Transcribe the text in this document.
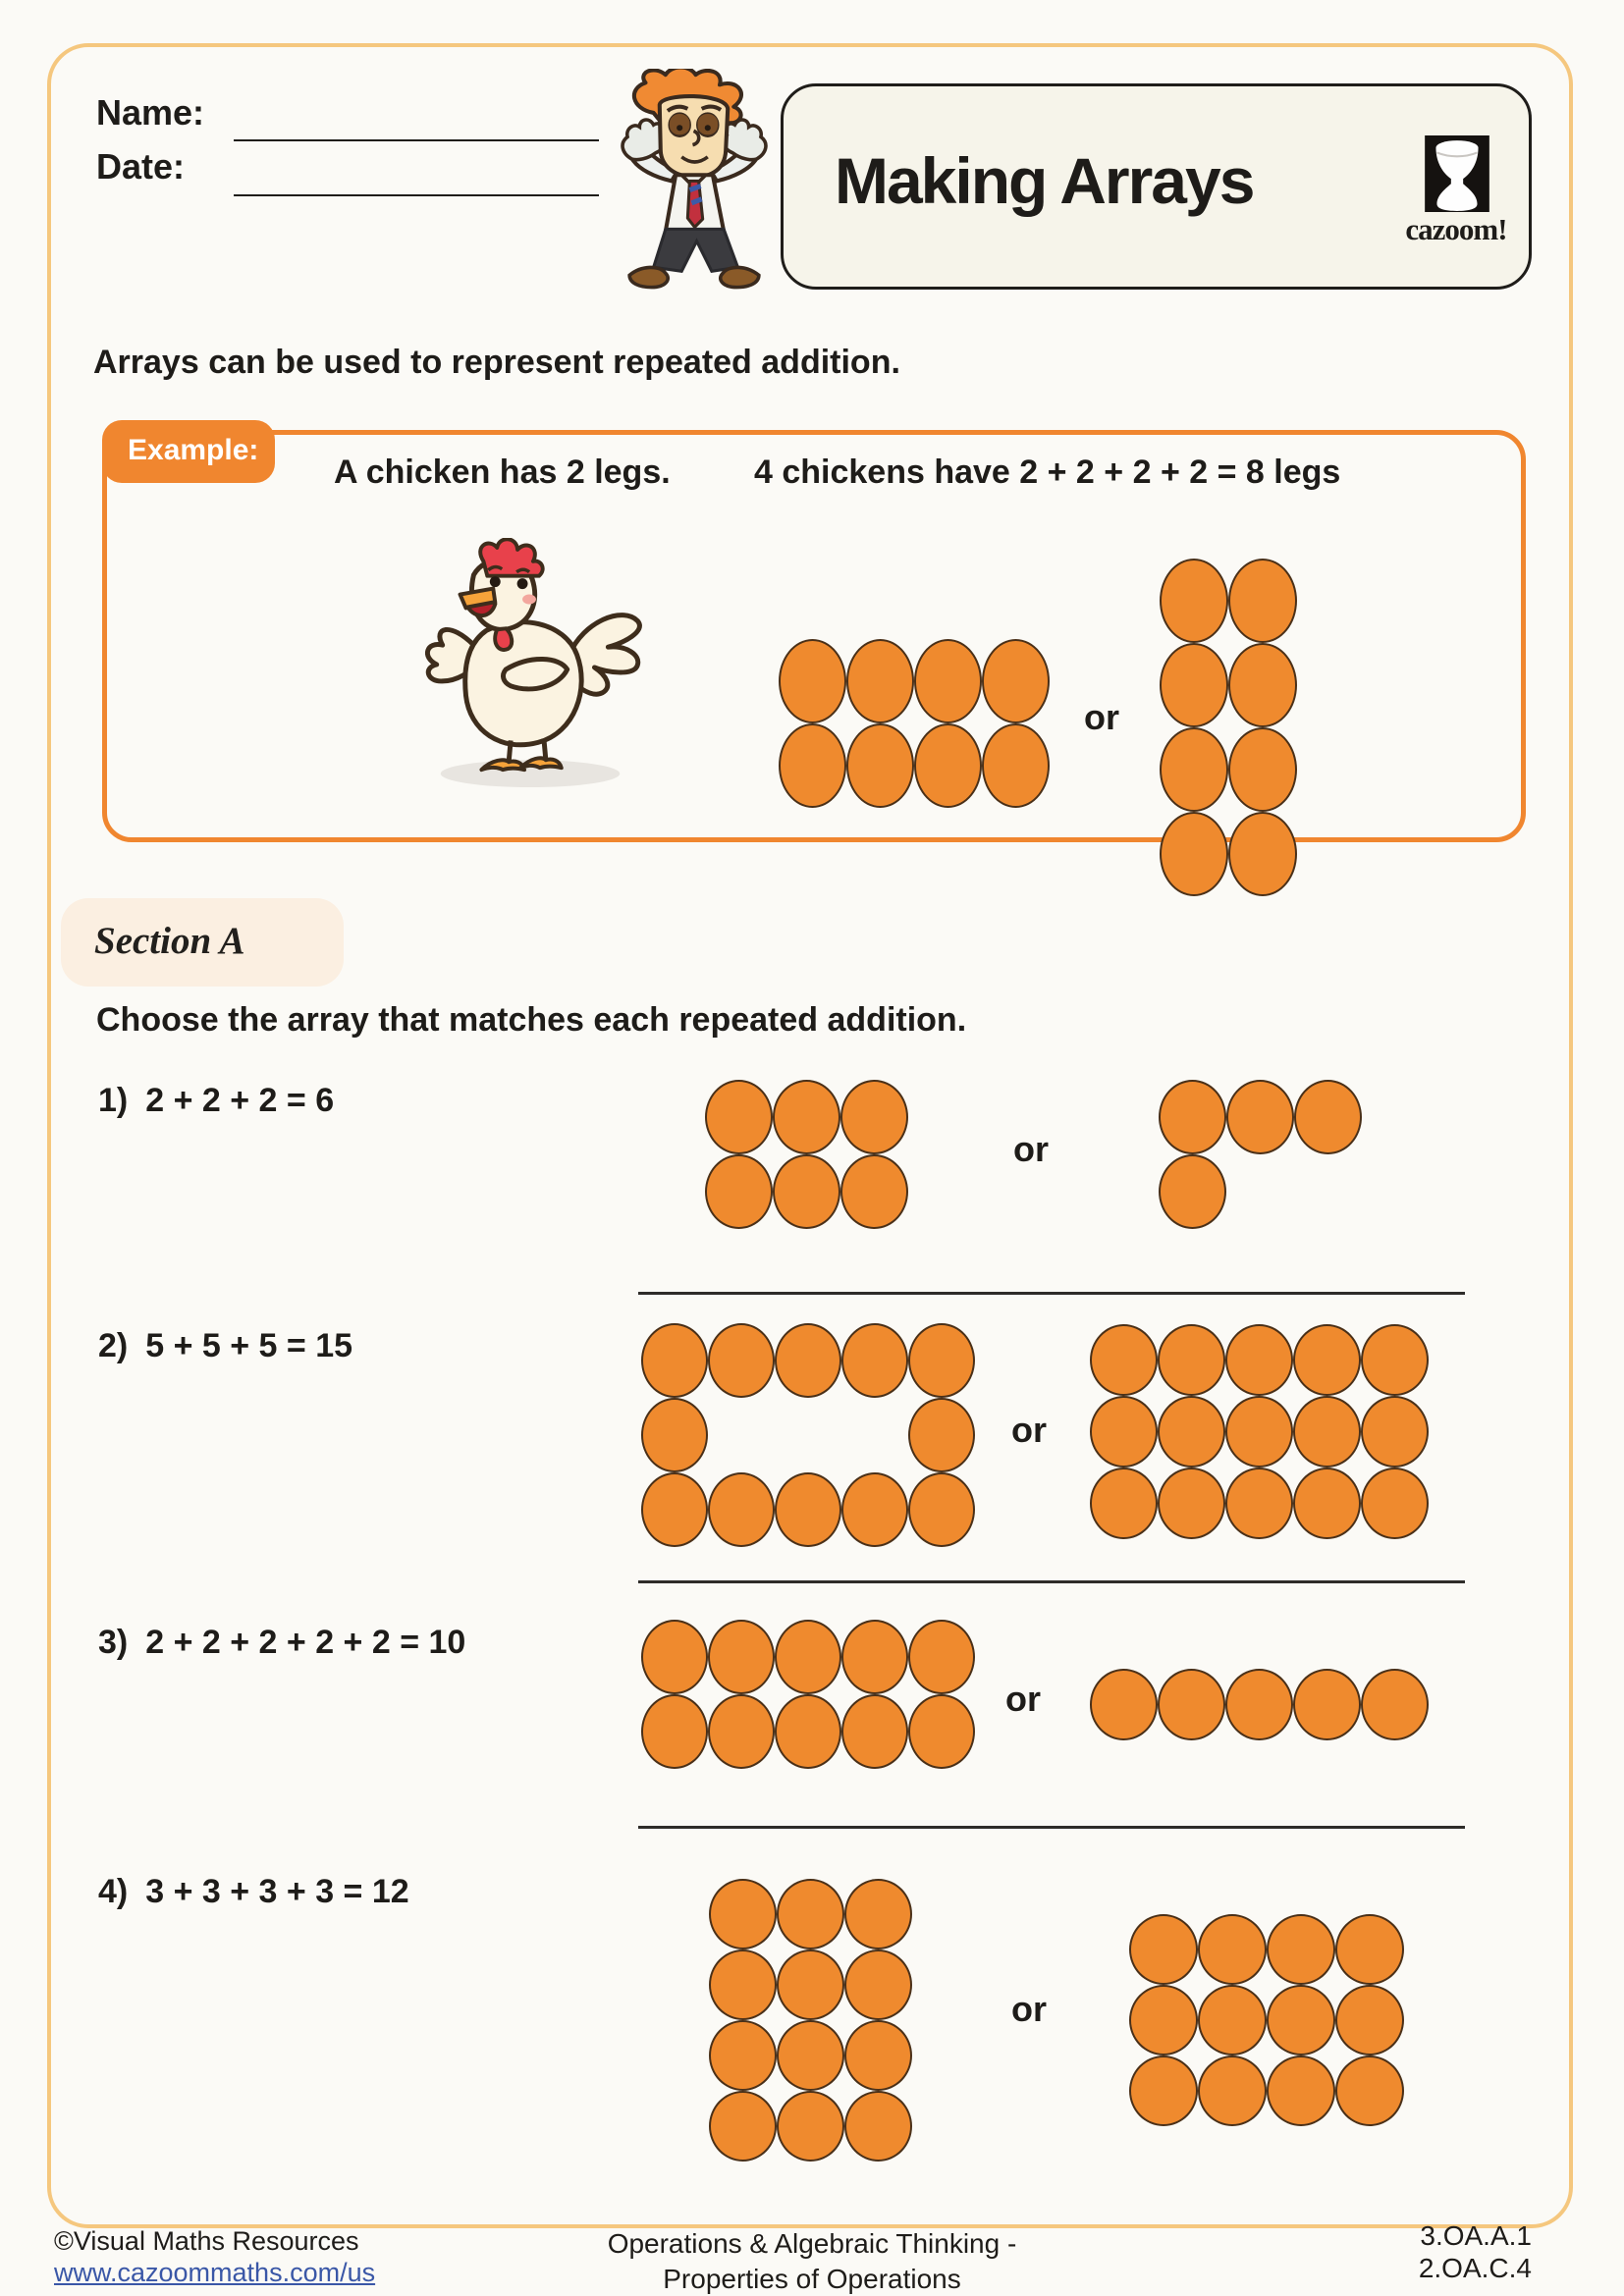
Name:
Date:	Making Arrays
cazoom!
Arrays can be used to represent repeated addition.
Example:
A chicken has 2 legs.	4 chickens have 2 + 2 + 2 + 2 = 8 legs
or
Section A
Choose the array that matches each repeated addition.
1) 2 + 2 + 2 = 6
or
2) 5 + 5 + 5 = 15
or
3) 2 + 2 + 2 + 2 + 2 = 10
or
4) 3 + 3 + 3 + 3 = 12
or
©Visual Maths Resources
www.cazoommaths.com/us
Operations & Algebraic Thinking -
Properties of Operations
3.OA.A.1
2.OA.C.4
